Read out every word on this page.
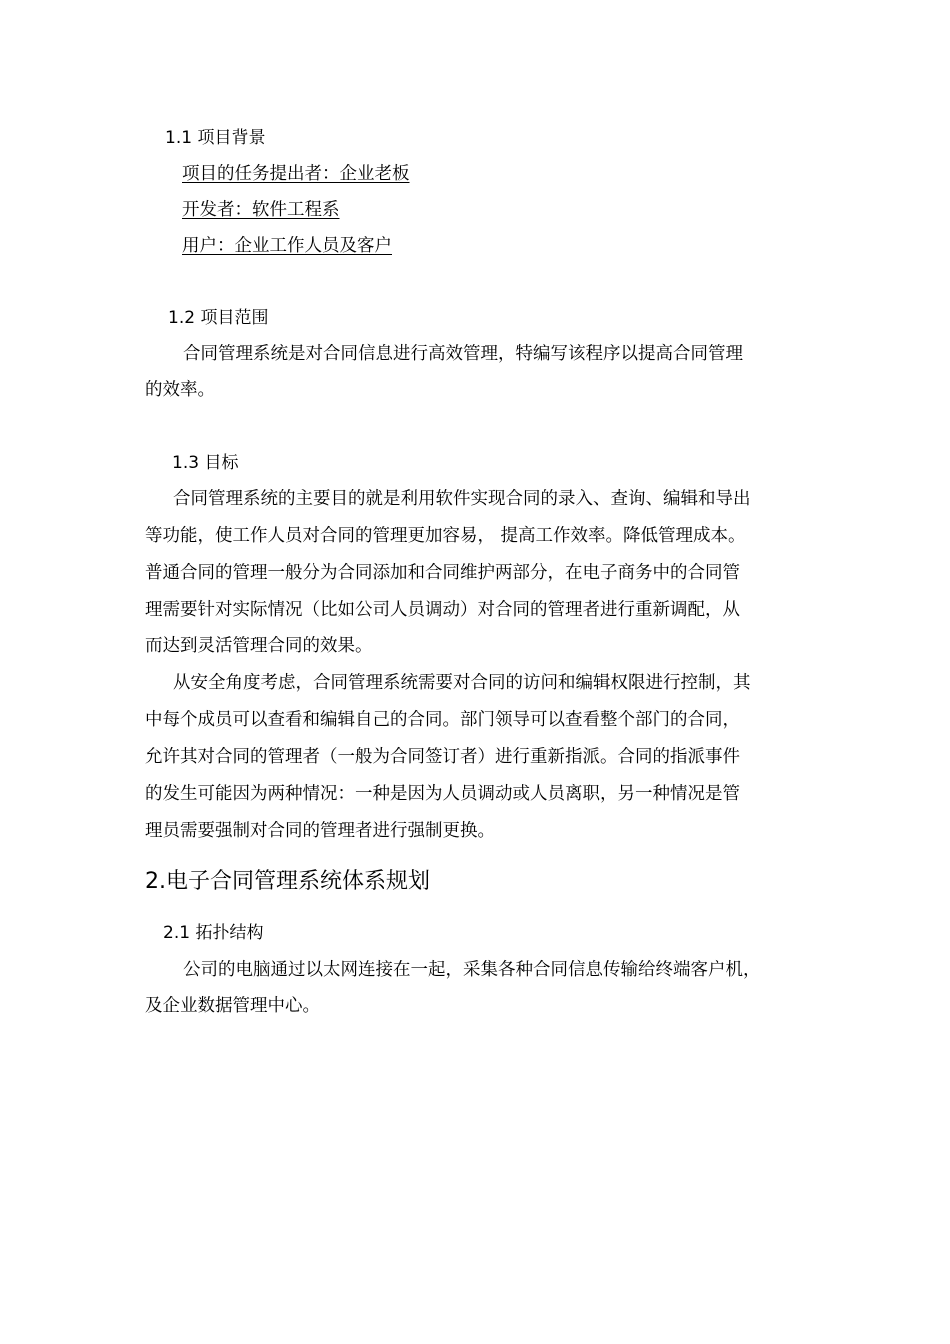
1.1 项目背景
项目的任务提出者：企业老板
开发者：软件工程系
用户：企业工作人员及客户
1.2 项目范围
合同管理系统是对合同信息进行高效管理，特编写该程序以提高合同管理
的效率。
1.3 目标
合同管理系统的主要目的就是利用软件实现合同的录入、查询、编辑和导出
等功能，使工作人员对合同的管理更加容易， 提高工作效率。降低管理成本。
普通合同的管理一般分为合同添加和合同维护两部分，在电子商务中的合同管
理需要针对实际情况（比如公司人员调动）对合同的管理者进行重新调配，从
而达到灵活管理合同的效果。
从安全角度考虑，合同管理系统需要对合同的访问和编辑权限进行控制，其
中每个成员可以查看和编辑自己的合同。部门领导可以查看整个部门的合同，
允许其对合同的管理者（一般为合同签订者）进行重新指派。合同的指派事件
的发生可能因为两种情况：一种是因为人员调动或人员离职，另一种情况是管
理员需要强制对合同的管理者进行强制更换。
2.电子合同管理系统体系规划
2.1 拓扑结构
公司的电脑通过以太网连接在一起，采集各种合同信息传输给终端客户机，
及企业数据管理中心。
